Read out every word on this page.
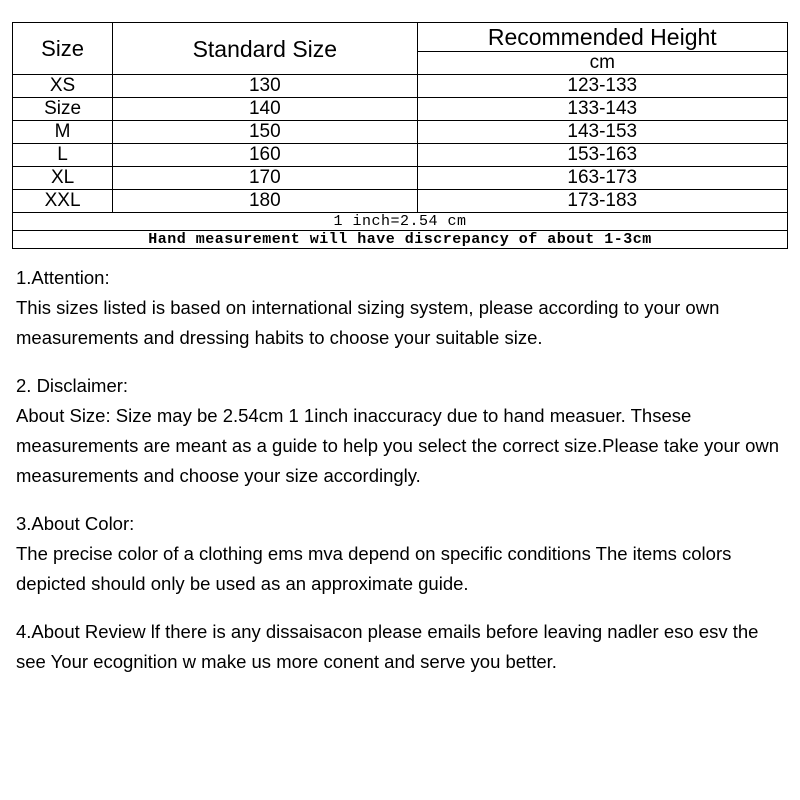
Size	Standard Size	Recommended Height
		cm
XS	130	123-133
Size	140	133-143
M	150	143-153
L	160	153-163
XL	170	163-173
XXL	180	173-183
1 inch=2.54 cm		
Hand measurement will have discrepancy of about 1-3cm		
1.Attention:
This sizes listed is based on international sizing system, please according to your own measurements and dressing habits to choose your suitable size.
2. Disclaimer:
About Size: Size may be 2.54cm 1 1inch inaccuracy due to hand measuer. Thsese measurements are meant as a guide to help you select the correct size.Please take your own measurements and choose your size accordingly.
3.About Color:
The precise color of a clothing ems mva depend on specific conditions The items colors depicted should only be used as an approximate guide.
4.About Review lf there is any dissaisacon please emails before leaving nadler eso esv the see Your ecognition w make us more conent and serve you better.
